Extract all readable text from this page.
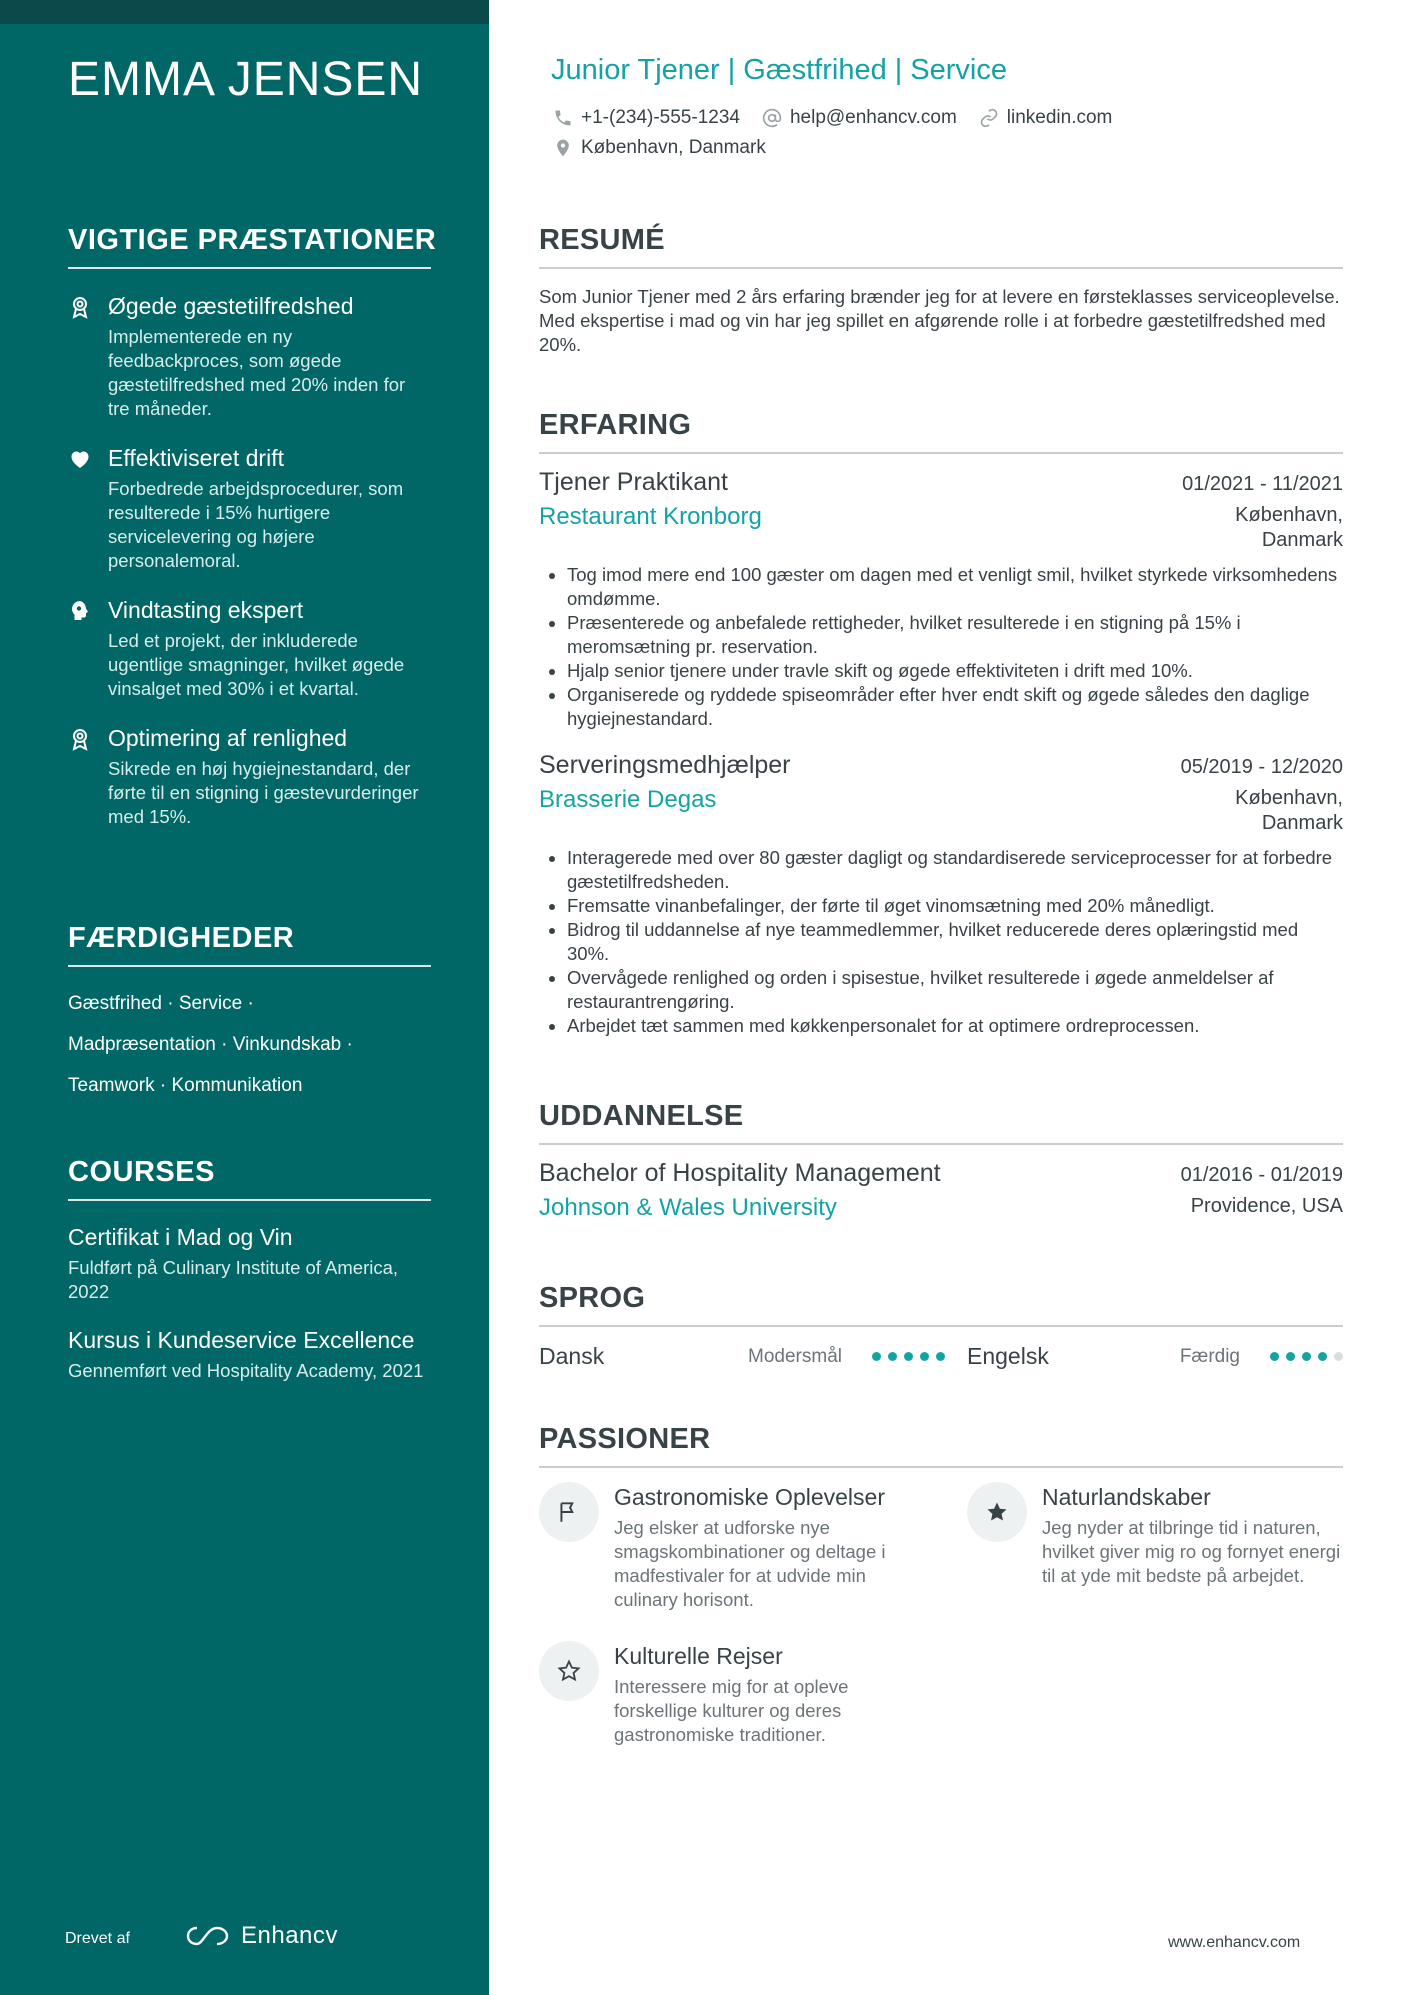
EMMA JENSEN
VIGTIGE PRÆSTATIONER
Øgede gæstetilfredshed
Implementerede en ny feedbackproces, som øgede gæstetilfredshed med 20% inden for tre måneder.
Effektiviseret drift
Forbedrede arbejdsprocedurer, som resulterede i 15% hurtigere servicelevering og højere personalemoral.
Vindtasting ekspert
Led et projekt, der inkluderede ugentlige smagninger, hvilket øgede vinsalget med 30% i et kvartal.
Optimering af renlighed
Sikrede en høj hygiejnestandard, der førte til en stigning i gæstevurderinger med 15%.
FÆRDIGHEDER
Gæstfrihed · Service ·
Madpræsentation · Vinkundskab ·
Teamwork · Kommunikation
COURSES
Certifikat i Mad og Vin
Fuldført på Culinary Institute of America, 2022
Kursus i Kundeservice Excellence
Gennemført ved Hospitality Academy, 2021
Drevet af	Enhancv
Junior Tjener | Gæstfrihed | Service
+1-(234)-555-1234	help@enhancv.com	linkedin.com
København, Danmark
RESUMÉ

Som Junior Tjener med 2 års erfaring brænder jeg for at levere en førsteklasses serviceoplevelse. Med ekspertise i mad og vin har jeg spillet en afgørende rolle i at forbedre gæstetilfredshed med 20%.

ERFARING
Tjener Praktikant	01/2021 - 11/2021
Restaurant Kronborg	København,
Danmark
Tog imod mere end 100 gæster om dagen med et venligt smil, hvilket styrkede virksomhedens omdømme.
Præsenterede og anbefalede rettigheder, hvilket resulterede i en stigning på 15% i meromsætning pr. reservation.
Hjalp senior tjenere under travle skift og øgede effektiviteten i drift med 10%.
Organiserede og ryddede spiseområder efter hver endt skift og øgede således den daglige hygiejnestandard.
Serveringsmedhjælper	05/2019 - 12/2020
Brasserie Degas	København,
Danmark
Interagerede med over 80 gæster dagligt og standardiserede serviceprocesser for at forbedre gæstetilfredsheden.
Fremsatte vinanbefalinger, der førte til øget vinomsætning med 20% månedligt.
Bidrog til uddannelse af nye teammedlemmer, hvilket reducerede deres oplæringstid med 30%.
Overvågede renlighed og orden i spisestue, hvilket resulterede i øgede anmeldelser af restaurantrengøring.
Arbejdet tæt sammen med køkkenpersonalet for at optimere ordreprocessen.
UDDANNELSE
Bachelor of Hospitality Management	01/2016 - 01/2019
Johnson & Wales University	Providence, USA
SPROG
Dansk	Modersmål	Engelsk	Færdig
PASSIONER
Gastronomiske Oplevelser
Jeg elsker at udforske nye smagskombinationer og deltage i madfestivaler for at udvide min culinary horisont.
Naturlandskaber
Jeg nyder at tilbringe tid i naturen, hvilket giver mig ro og fornyet energi til at yde mit bedste på arbejdet.
Kulturelle Rejser
Interessere mig for at opleve forskellige kulturer og deres gastronomiske traditioner.
www.enhancv.com
